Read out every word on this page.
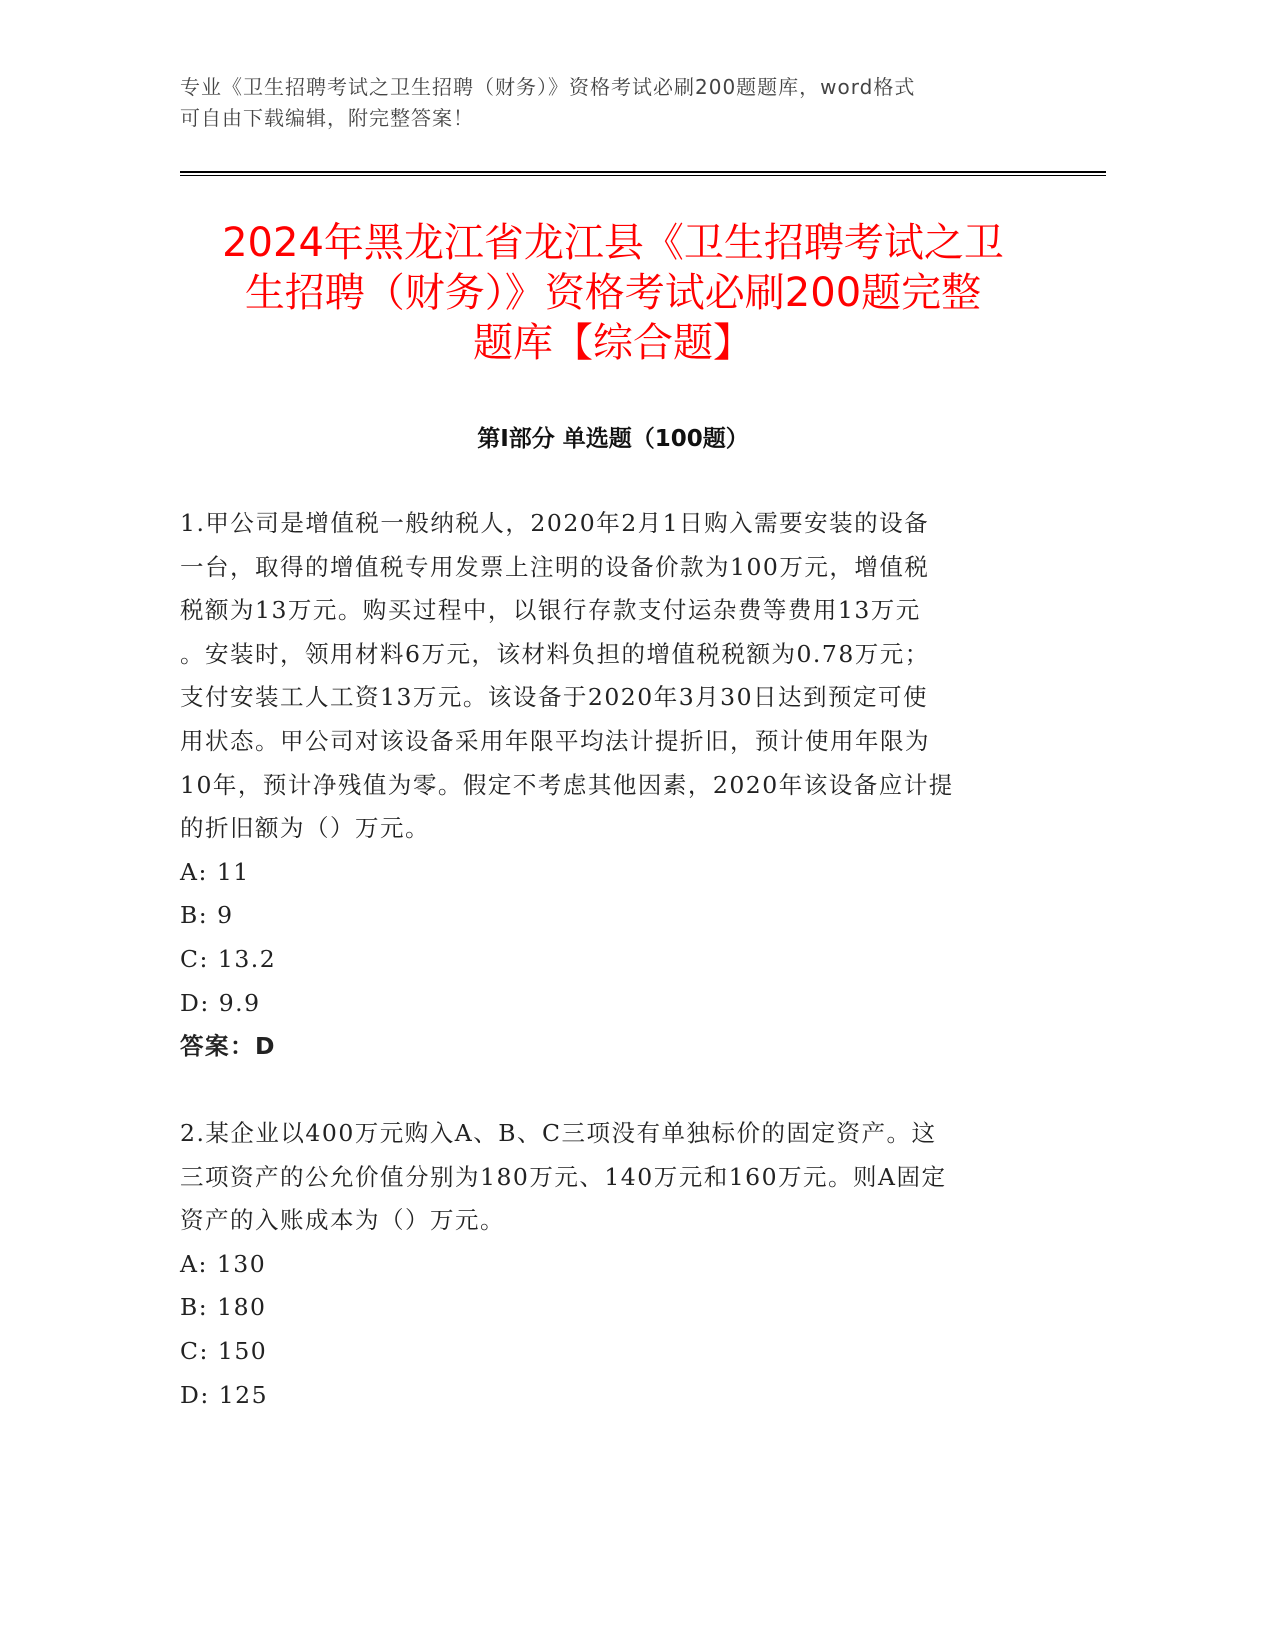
专业《卫生招聘考试之卫生招聘（财务）》资格考试必刷200题题库，word格式
可自由下载编辑，附完整答案！
2024年黑龙江省龙江县《卫生招聘考试之卫
生招聘（财务）》资格考试必刷200题完整
题库【综合题】
第I部分 单选题（100题）
1.甲公司是增值税一般纳税人，2020年2月1日购入需要安装的设备
一台，取得的增值税专用发票上注明的设备价款为100万元，增值税
税额为13万元。购买过程中，以银行存款支付运杂费等费用13万元
。安装时，领用材料6万元，该材料负担的增值税税额为0.78万元；
支付安装工人工资13万元。该设备于2020年3月30日达到预定可使
用状态。甲公司对该设备采用年限平均法计提折旧，预计使用年限为
10年，预计净残值为零。假定不考虑其他因素，2020年该设备应计提
的折旧额为（）万元。
A: 11
B: 9
C: 13.2
D: 9.9
答案：D
2.某企业以400万元购入A、B、C三项没有单独标价的固定资产。这
三项资产的公允价值分别为180万元、140万元和160万元。则A固定
资产的入账成本为（）万元。
A: 130
B: 180
C: 150
D: 125
